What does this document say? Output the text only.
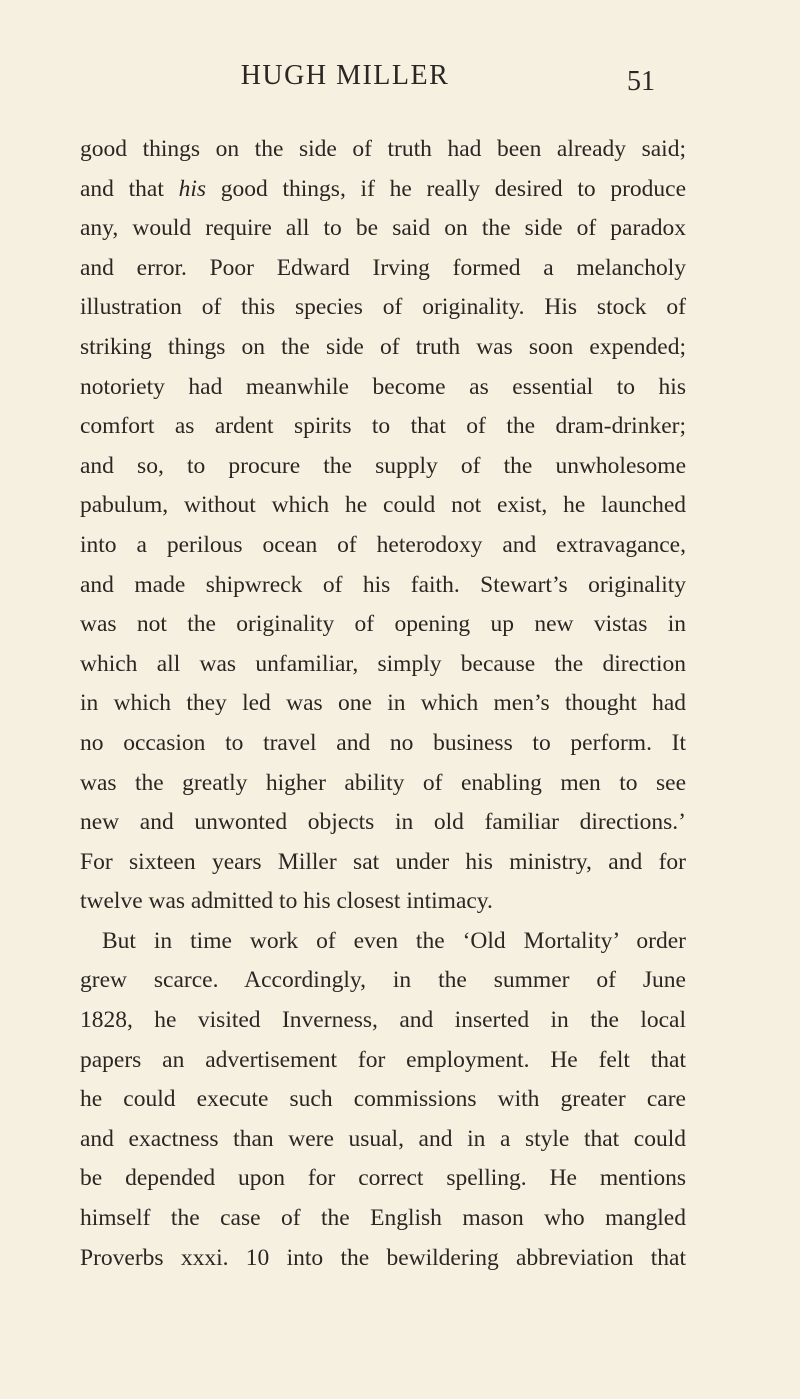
HUGH MILLER	51
good things on the side of truth had been already said;
and that his good things, if he really desired to produce
any, would require all to be said on the side of paradox
and error. Poor Edward Irving formed a melancholy
illustration of this species of originality. His stock of
striking things on the side of truth was soon expended;
notoriety had meanwhile become as essential to his
comfort as ardent spirits to that of the dram-drinker;
and so, to procure the supply of the unwholesome
pabulum, without which he could not exist, he launched
into a perilous ocean of heterodoxy and extravagance,
and made shipwreck of his faith. Stewart’s originality
was not the originality of opening up new vistas in
which all was unfamiliar, simply because the direction
in which they led was one in which men’s thought had
no occasion to travel and no business to perform. It
was the greatly higher ability of enabling men to see
new and unwonted objects in old familiar directions.’
For sixteen years Miller sat under his ministry, and for
twelve was admitted to his closest intimacy.
But in time work of even the ‘Old Mortality’ order
grew scarce. Accordingly, in the summer of June
1828, he visited Inverness, and inserted in the local
papers an advertisement for employment. He felt that
he could execute such commissions with greater care
and exactness than were usual, and in a style that could
be depended upon for correct spelling. He mentions
himself the case of the English mason who mangled
Proverbs xxxi. 10 into the bewildering abbreviation that
